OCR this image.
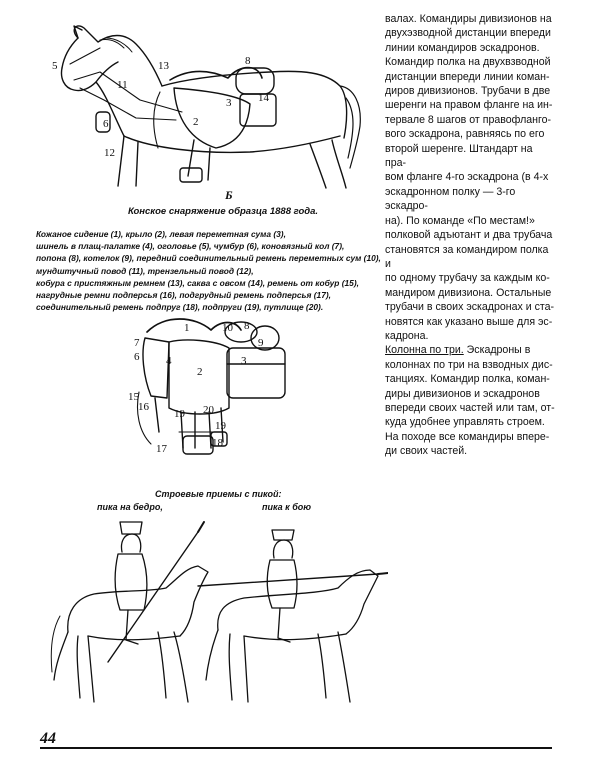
5
11
13	8
3 14
2
6
12
Б
Конское снаряжение образца 1888 года.
Кожаное сидение (1), крыло (2), левая переметная сума (3),
шинель в плащ-палатке (4), оголовье (5), чумбур (6), коновязный кол (7),
попона (8), котелок (9), передний соединительный ремень переметных сум (10),
мундштучный повод (11), трензельный повод (12),
кобура с пристяжным ремнем (13), саква с овсом (14), ремень от кобур (15),
нагрудные ремни подперсья (16), подгрудный ремень подперсья (17),
соединительный ремень подпруг (18), подпруги (19), путлище (20).
7
1	10 8
4
9
6	3
2
15
16
19 20
19
17	18

валах. Командиры дивизионов на

двухэзводной дистанции впереди

линии командиров эскадронов.

Командир полка на двухвзводной

дистанции впереди линии коман-

диров дивизионов. Трубачи в две

шеренги на правом фланге на ин-

тервале 8 шагов от правофланго-

вого эскадрона, равняясь по его

второй шеренге. Штандарт на пра-

вом фланге 4-го эскадрона (в 4-х

эскадронном полку — 3-го эскадро-

на). По команде «По местам!»

полковой адъютант и два трубача

становятся за командиром полка и

по одному трубачу за каждым ко-

мандиром дивизиона. Остальные

трубачи в своих эскадронах и ста-

новятся как указано выше для эс-

кадрона.

Колонна по три. Эскадроны в

колоннах по три на взводных дис-

танциях. Командир полка, коман-

диры дивизионов и эскадронов

впереди своих частей или там, от-

куда удобнее управлять строем.

На походе все командиры впере-

ди своих частей.

Строевые приемы с пикой:
пика на бедро,	пика к бою
44
